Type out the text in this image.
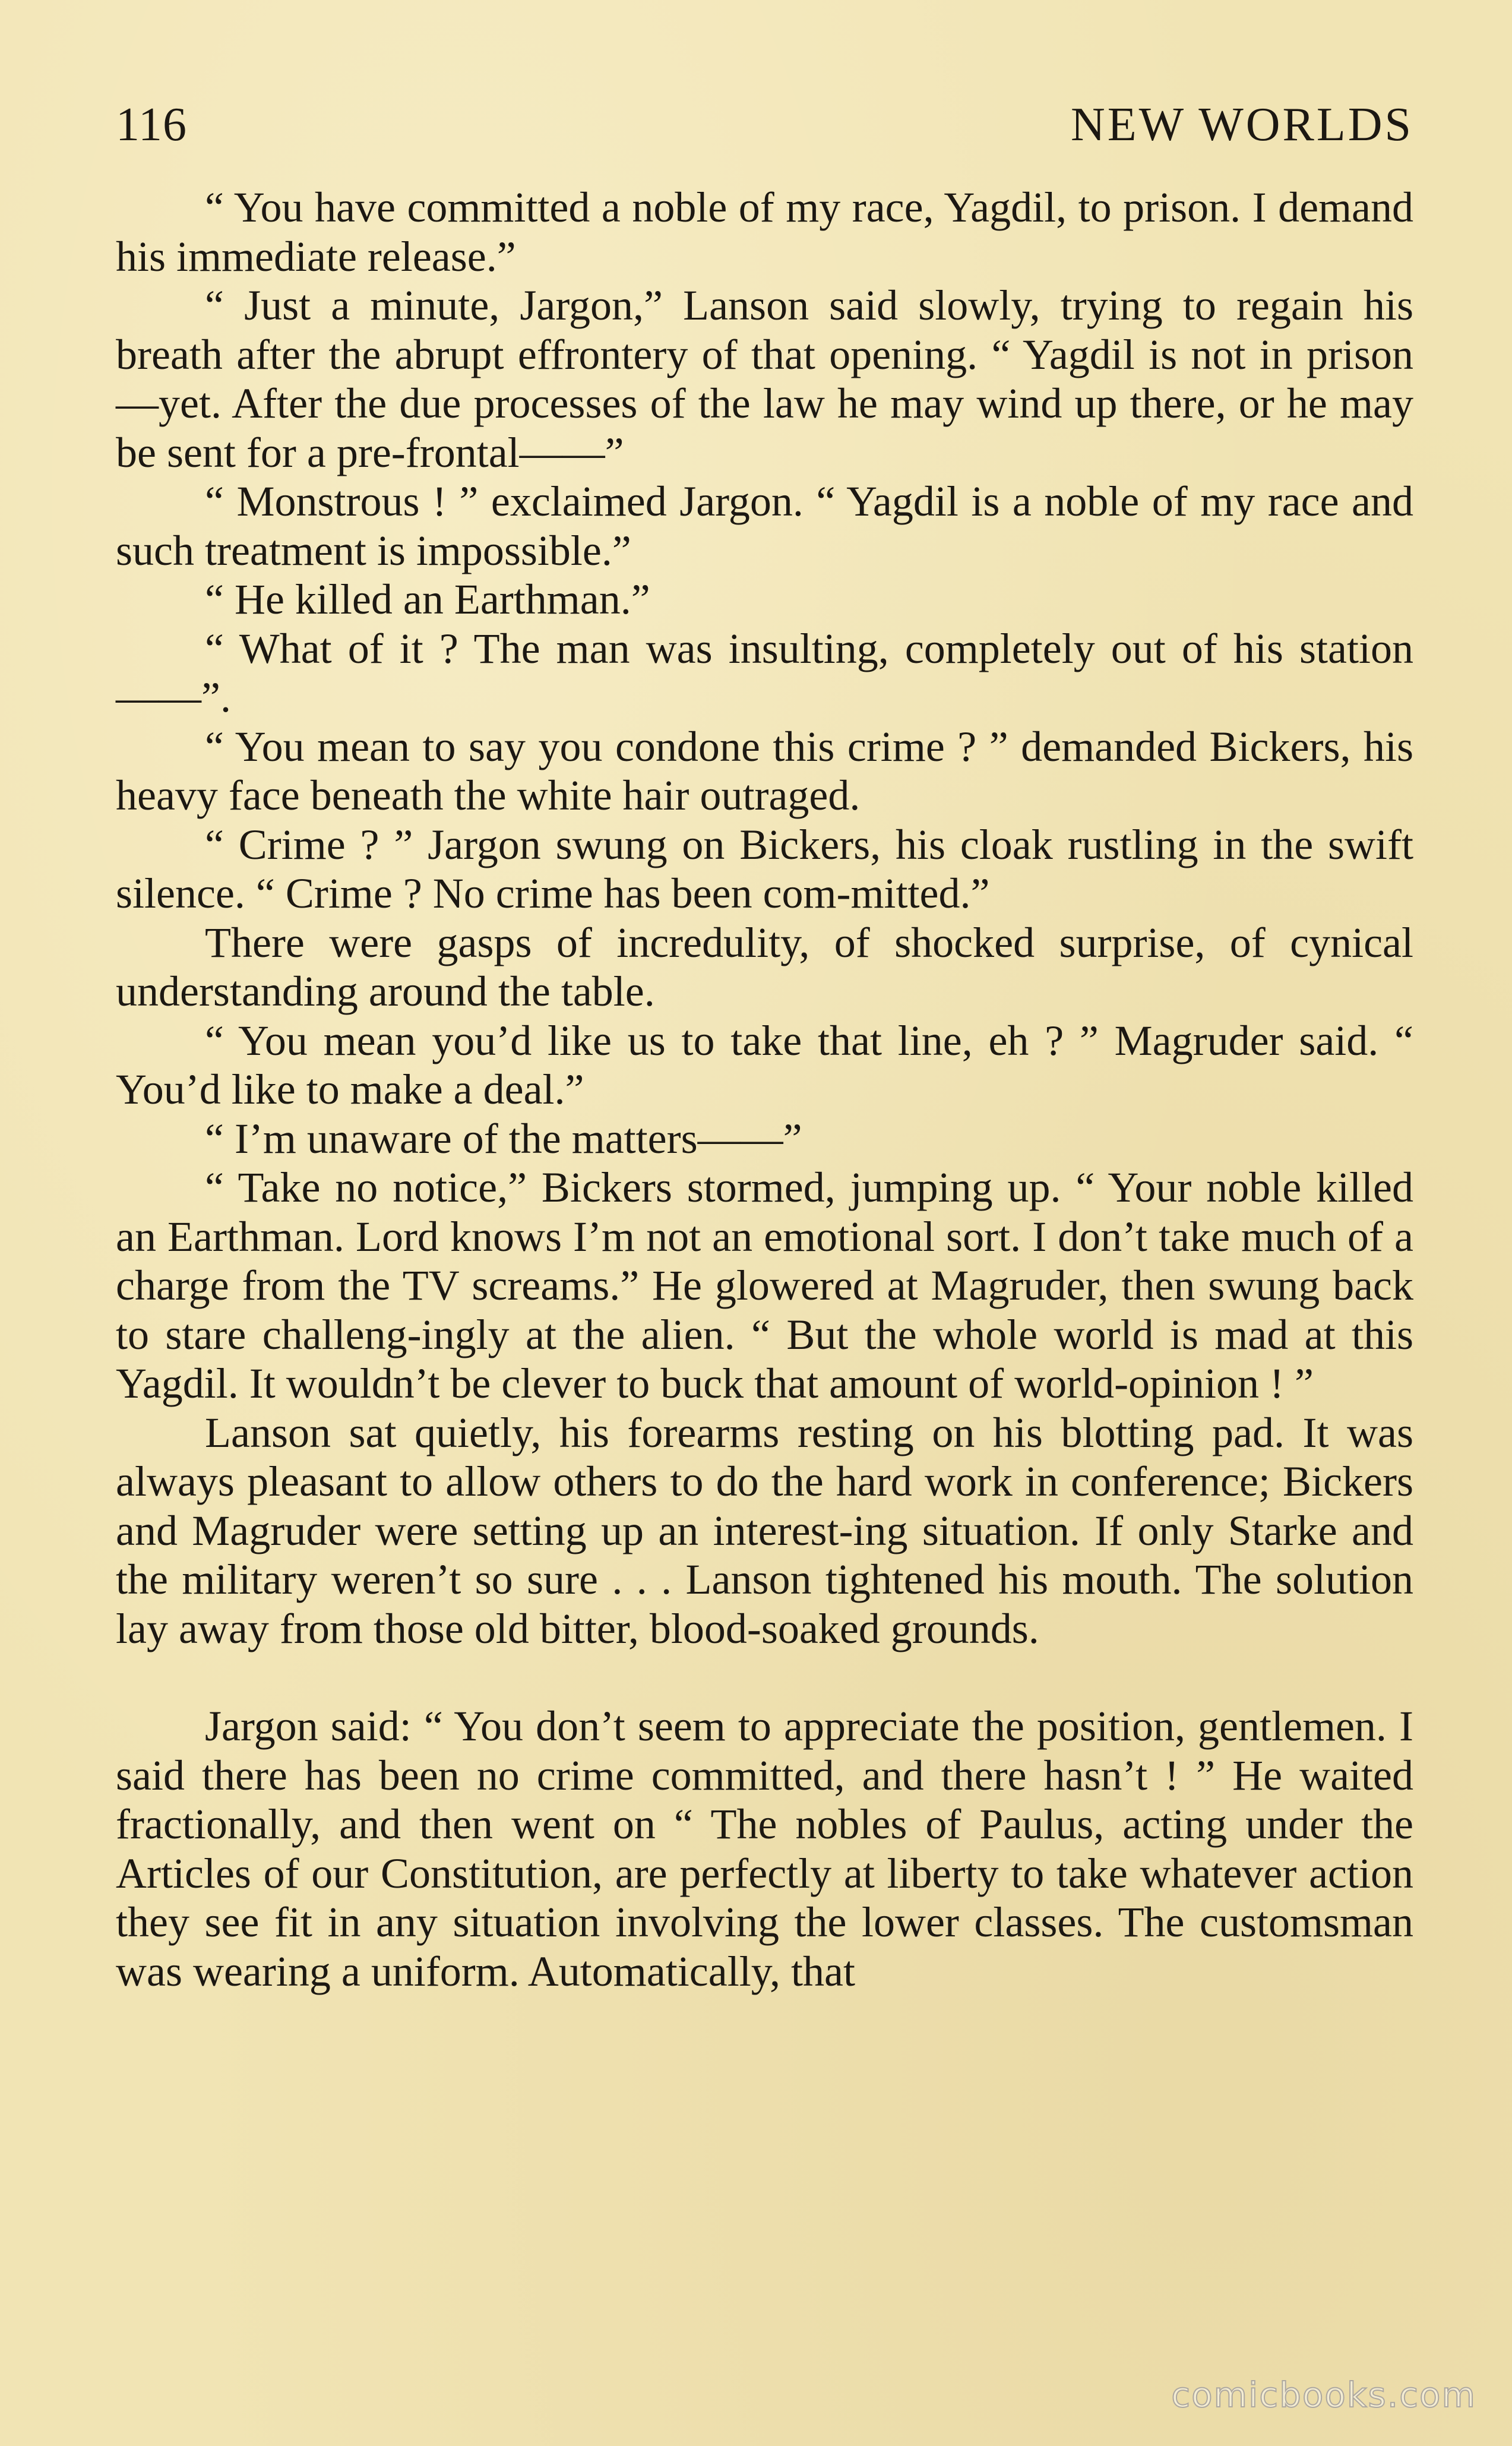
116	NEW WORLDS

“ You have committed a noble of my race, Yagdil, to prison. I demand his immediate release.”

“ Just a minute, Jargon,” Lanson said slowly, trying to regain his breath after the abrupt effrontery of that opening. “ Yagdil is not in prison—yet. After the due processes of the law he may wind up there, or he may be sent for a pre-frontal——”

“ Monstrous ! ” exclaimed Jargon. “ Yagdil is a noble of my race and such treatment is impossible.”

“ He killed an Earthman.”

“ What of it ? The man was insulting, completely out of his station——”.

“ You mean to say you condone this crime ? ” demanded Bickers, his heavy face beneath the white hair outraged.

“ Crime ? ” Jargon swung on Bickers, his cloak rustling in the swift silence. “ Crime ? No crime has been com-mitted.”

There were gasps of incredulity, of shocked surprise, of cynical understanding around the table.

“ You mean you’d like us to take that line, eh ? ” Magruder said. “ You’d like to make a deal.”

“ I’m unaware of the matters——”

“ Take no notice,” Bickers stormed, jumping up. “ Your noble killed an Earthman. Lord knows I’m not an emotional sort. I don’t take much of a charge from the TV screams.” He glowered at Magruder, then swung back to stare challeng-ingly at the alien. “ But the whole world is mad at this Yagdil. It wouldn’t be clever to buck that amount of world-opinion ! ”

Lanson sat quietly, his forearms resting on his blotting pad. It was always pleasant to allow others to do the hard work in conference; Bickers and Magruder were setting up an interest-ing situation. If only Starke and the military weren’t so sure . . . Lanson tightened his mouth. The solution lay away from those old bitter, blood-soaked grounds.

Jargon said: “ You don’t seem to appreciate the position, gentlemen. I said there has been no crime committed, and there hasn’t ! ” He waited fractionally, and then went on “ The nobles of Paulus, acting under the Articles of our Constitution, are perfectly at liberty to take whatever action they see fit in any situation involving the lower classes. The customsman was wearing a uniform. Automatically, that

comicbooks.com
